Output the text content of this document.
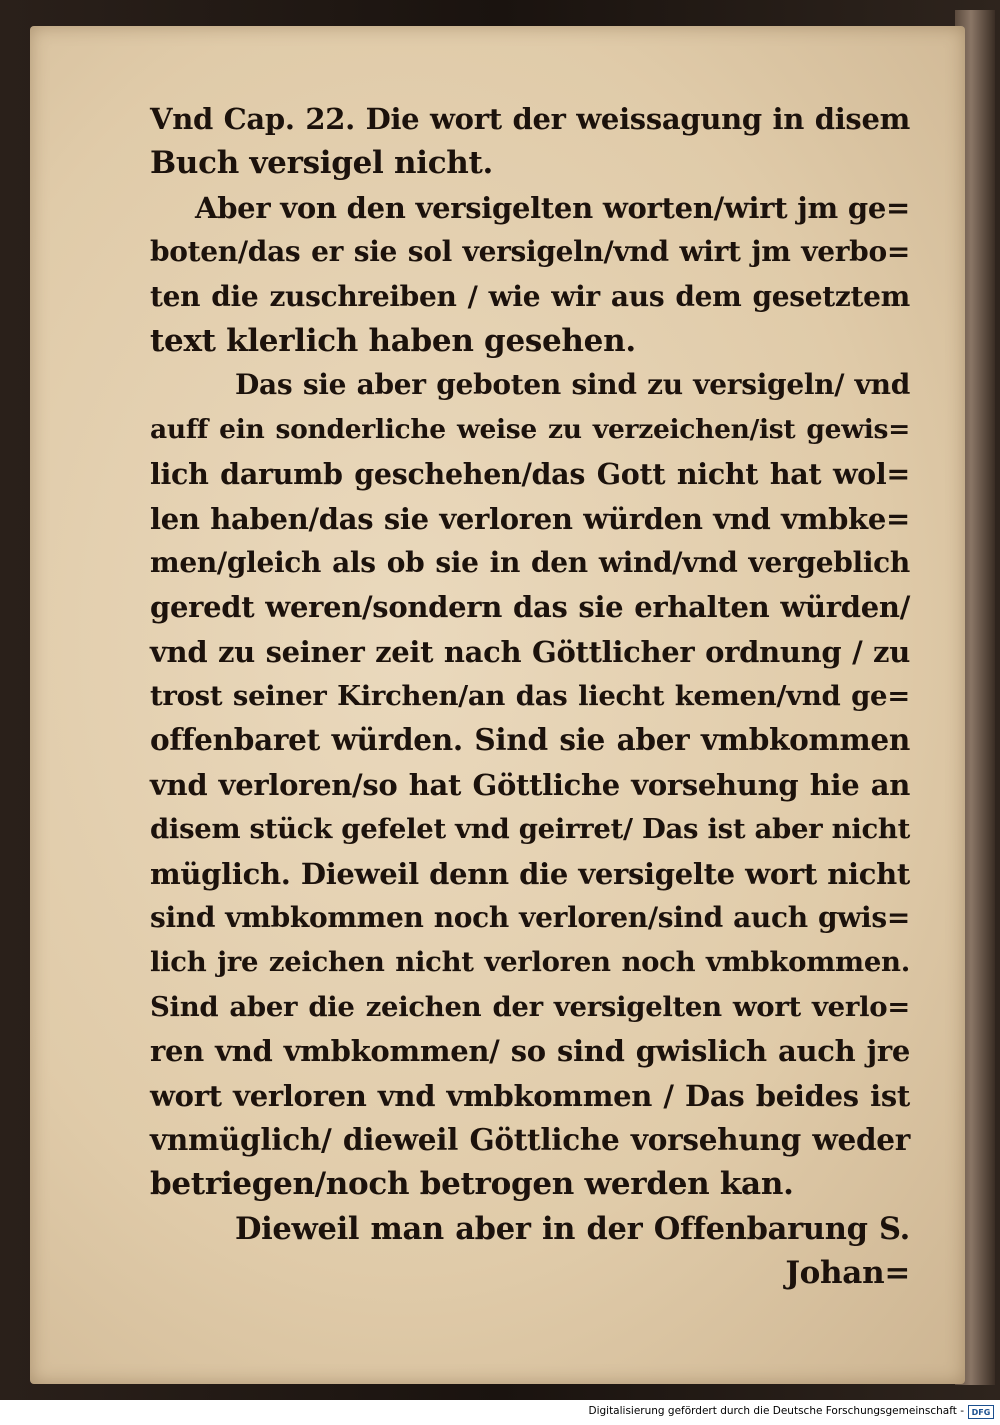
Vnd Cap. 22. Die wort der weissagung in disem
Buch versigel nicht.
Aber von den versigelten worten/wirt jm ge=
boten/das er sie sol versigeln/vnd wirt jm verbo=
ten die zuschreiben / wie wir aus dem gesetztem
text klerlich haben gesehen.
Das sie aber geboten sind zu versigeln/ vnd
auff ein sonderliche weise zu verzeichen/ist gewis=
lich darumb geschehen/das Gott nicht hat wol=
len haben/das sie verloren würden vnd vmbke=
men/gleich als ob sie in den wind/vnd vergeblich
geredt weren/sondern das sie erhalten würden/
vnd zu seiner zeit nach Göttlicher ordnung / zu
trost seiner Kirchen/an das liecht kemen/vnd ge=
offenbaret würden. Sind sie aber vmbkommen
vnd verloren/so hat Göttliche vorsehung hie an
disem stück gefelet vnd geirret/ Das ist aber nicht
müglich. Dieweil denn die versigelte wort nicht
sind vmbkommen noch verloren/sind auch gwis=
lich jre zeichen nicht verloren noch vmbkommen.
Sind aber die zeichen der versigelten wort verlo=
ren vnd vmbkommen/ so sind gwislich auch jre
wort verloren vnd vmbkommen / Das beides ist
vnmüglich/ dieweil Göttliche vorsehung weder
betriegen/noch betrogen werden kan.
Dieweil man aber in der Offenbarung S.
Johan=
Digitalisierung gefördert durch die Deutsche Forschungsgemeinschaft - DFG
